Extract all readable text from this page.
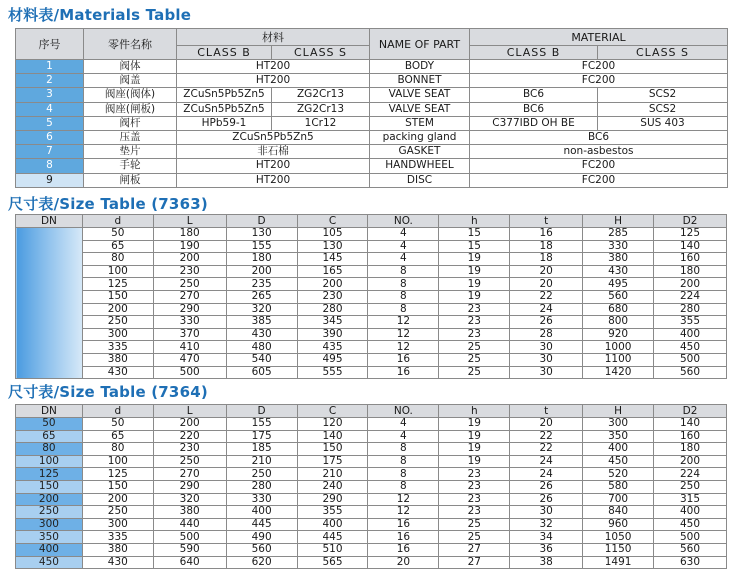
材料表/Materials Table
序号	零件名称	材料		NAME OF PART	MATERIAL	
		CLASS B	CLASS S		CLASS B	CLASS S
1	阀体	HT200		BODY	FC200	
2	阀盖	HT200		BONNET	FC200	
3	阀座(阀体)	ZCuSn5Pb5Zn5	ZG2Cr13	VALVE SEAT	BC6	SCS2
4	阀座(闸板)	ZCuSn5Pb5Zn5	ZG2Cr13	VALVE SEAT	BC6	SCS2
5	阀杆	HPb59-1	1Cr12	STEM	C377IBD OH BE	SUS 403
6	压盖	ZCuSn5Pb5Zn5		packing gland	BC6	
7	垫片	非石棉		GASKET	non-asbestos	
8	手轮	HT200		HANDWHEEL	FC200	
9	闸板	HT200		DISC	FC200	
尺寸表/Size Table (7363)
DN	d	L	D	C	NO.	h	t	H	D2
	50	180	130	105	4	15	16	285	125
	65	190	155	130	4	15	18	330	140
	80	200	180	145	4	19	18	380	160
	100	230	200	165	8	19	20	430	180
	125	250	235	200	8	19	20	495	200
	150	270	265	230	8	19	22	560	224
	200	290	320	280	8	23	24	680	280
	250	330	385	345	12	23	26	800	355
	300	370	430	390	12	23	28	920	400
	335	410	480	435	12	25	30	1000	450
	380	470	540	495	16	25	30	1100	500
	430	500	605	555	16	25	30	1420	560
尺寸表/Size Table (7364)
DN	d	L	D	C	NO.	h	t	H	D2
50	50	200	155	120	4	19	20	300	140
65	65	220	175	140	4	19	22	350	160
80	80	230	185	150	8	19	22	400	180
100	100	250	210	175	8	19	24	450	200
125	125	270	250	210	8	23	24	520	224
150	150	290	280	240	8	23	26	580	250
200	200	320	330	290	12	23	26	700	315
250	250	380	400	355	12	23	30	840	400
300	300	440	445	400	16	25	32	960	450
350	335	500	490	445	16	25	34	1050	500
400	380	590	560	510	16	27	36	1150	560
450	430	640	620	565	20	27	38	1491	630
